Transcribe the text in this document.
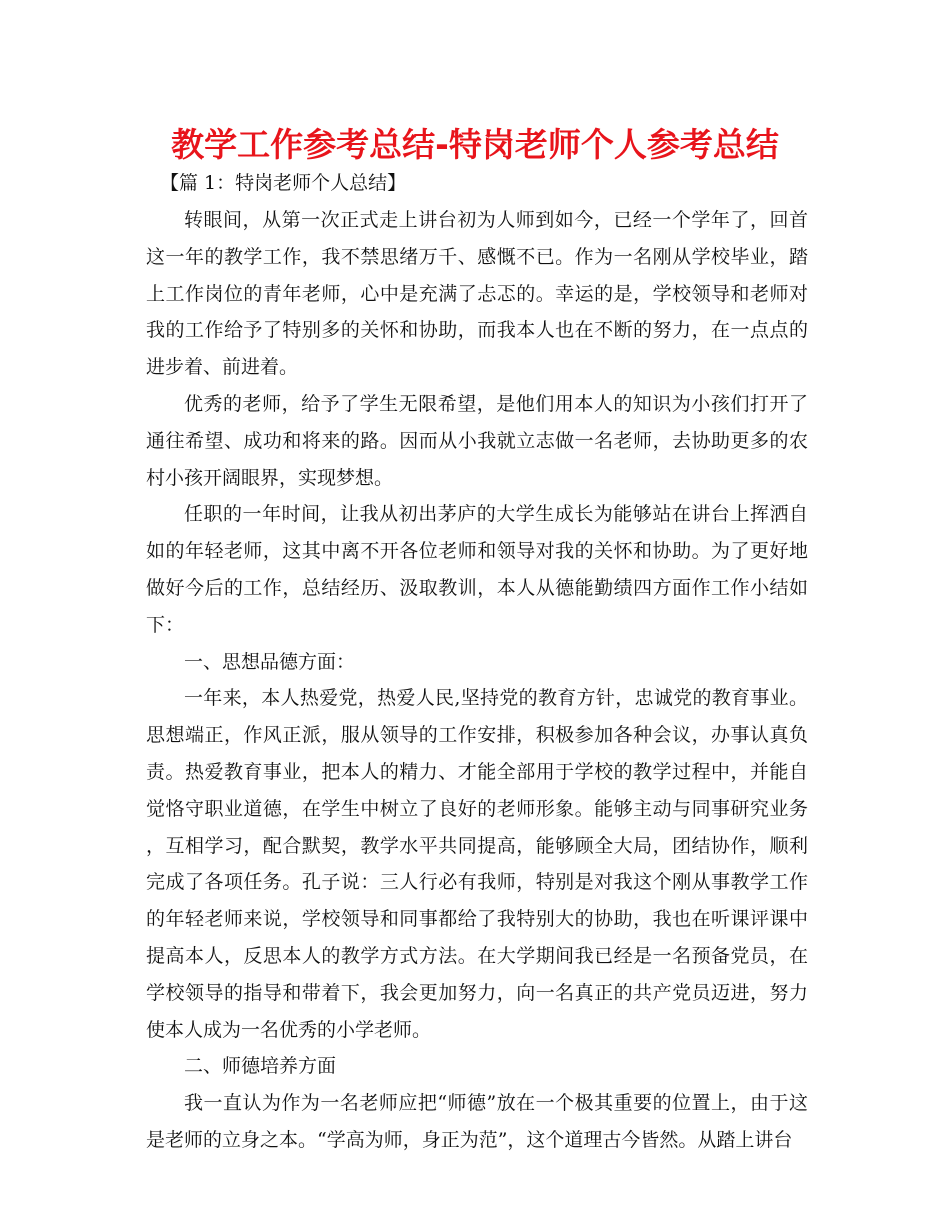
教学工作参考总结-特岗老师个人参考总结
【篇 1：特岗老师个人总结】

转眼间，从第一次正式走上讲台初为人师到如今，已经一个学年了，回首这一年的教学工作，我不禁思绪万千、感慨不已。作为一名刚从学校毕业，踏上工作岗位的青年老师，心中是充满了忐忑的。幸运的是，学校领导和老师对我的工作给予了特别多的关怀和协助，而我本人也在不断的努力，在一点点的进步着、前进着。

优秀的老师，给予了学生无限希望，是他们用本人的知识为小孩们打开了通往希望、成功和将来的路。因而从小我就立志做一名老师，去协助更多的农村小孩开阔眼界，实现梦想。

任职的一年时间，让我从初出茅庐的大学生成长为能够站在讲台上挥洒自如的年轻老师，这其中离不开各位老师和领导对我的关怀和协助。为了更好地做好今后的工作，总结经历、汲取教训，本人从德能勤绩四方面作工作小结如下：

一、思想品德方面：

一年来，本人热爱党，热爱人民,坚持党的教育方针，忠诚党的教育事业。思想端正，作风正派，服从领导的工作安排，积极参加各种会议，办事认真负责。热爱教育事业，把本人的精力、才能全部用于学校的教学过程中，并能自觉恪守职业道德，在学生中树立了良好的老师形象。能够主动与同事研究业务，互相学习，配合默契，教学水平共同提高，能够顾全大局，团结协作，顺利完成了各项任务。孔子说：三人行必有我师，特别是对我这个刚从事教学工作的年轻老师来说，学校领导和同事都给了我特别大的协助，我也在听课评课中提高本人，反思本人的教学方式方法。在大学期间我已经是一名预备党员，在学校领导的指导和带着下，我会更加努力，向一名真正的共产党员迈进，努力使本人成为一名优秀的小学老师。

二、师德培养方面

我一直认为作为一名老师应把“师德”放在一个极其重要的位置上，由于这是老师的立身之本。“学高为师，身正为范”，这个道理古今皆然。从踏上讲台
